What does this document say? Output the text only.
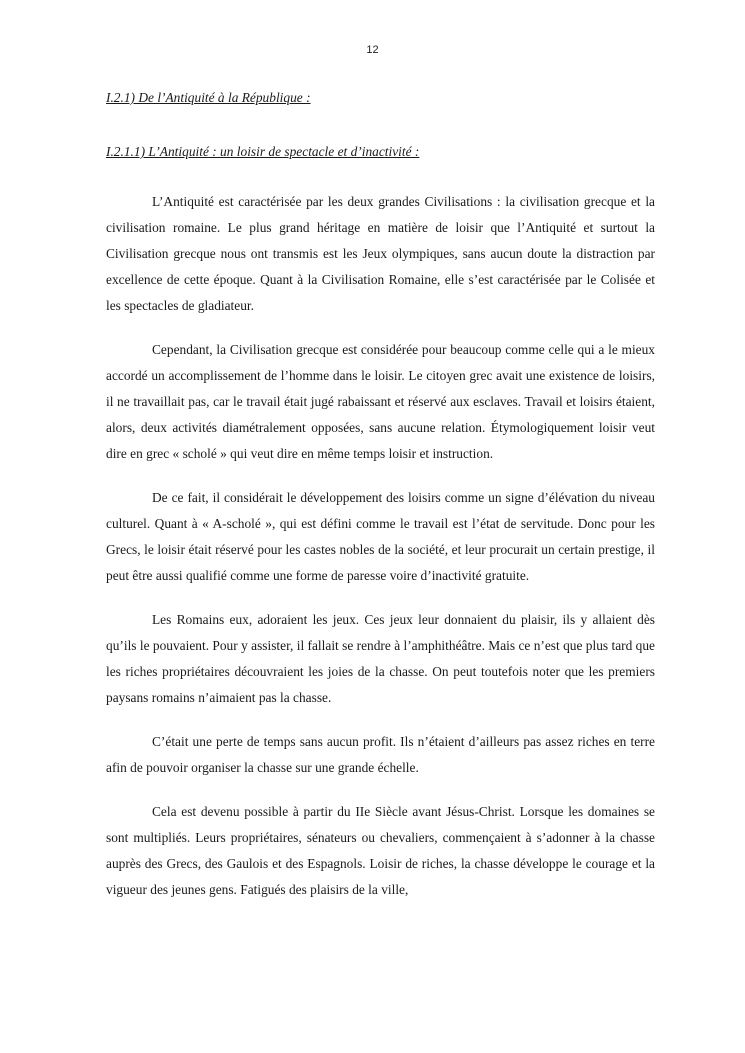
12
I.2.1) De l’Antiquité à la République :
I.2.1.1) L’Antiquité : un loisir de spectacle et d’inactivité :

L’Antiquité est caractérisée par les deux grandes Civilisations : la civilisation grecque et la civilisation romaine. Le plus grand héritage en matière de loisir que l’Antiquité et surtout la Civilisation grecque nous ont transmis est les Jeux olympiques, sans aucun doute la distraction par excellence de cette époque. Quant à la Civilisation Romaine, elle s’est caractérisée par le Colisée et les spectacles de gladiateur.

Cependant, la Civilisation grecque est considérée pour beaucoup comme celle qui a le mieux accordé un accomplissement de l’homme dans le loisir. Le citoyen grec avait une existence de loisirs, il ne travaillait pas, car le travail était jugé rabaissant et réservé aux esclaves. Travail et loisirs étaient, alors, deux activités diamétralement opposées, sans aucune relation. Étymologiquement loisir veut dire en grec « scholé » qui veut dire en même temps loisir et instruction.

De ce fait, il considérait le développement des loisirs comme un signe d’élévation du niveau culturel. Quant à « A-scholé », qui est défini comme le travail est l’état de servitude. Donc pour les Grecs, le loisir était réservé pour les castes nobles de la société, et leur procurait un certain prestige, il peut être aussi qualifié comme une forme de paresse voire d’inactivité gratuite.

Les Romains eux, adoraient les jeux. Ces jeux leur donnaient du plaisir, ils y allaient dès qu’ils le pouvaient. Pour y assister, il fallait se rendre à l’amphithéâtre. Mais ce n’est que plus tard que les riches propriétaires découvraient les joies de la chasse. On peut toutefois noter que les premiers paysans romains n’aimaient pas la chasse.

C’était une perte de temps sans aucun profit. Ils n’étaient d’ailleurs pas assez riches en terre afin de pouvoir organiser la chasse sur une grande échelle.

Cela est devenu possible à partir du IIe Siècle avant Jésus-Christ. Lorsque les domaines se sont multipliés. Leurs propriétaires, sénateurs ou chevaliers, commençaient à s’adonner à la chasse auprès des Grecs, des Gaulois et des Espagnols. Loisir de riches, la chasse développe le courage et la vigueur des jeunes gens. Fatigués des plaisirs de la ville,
